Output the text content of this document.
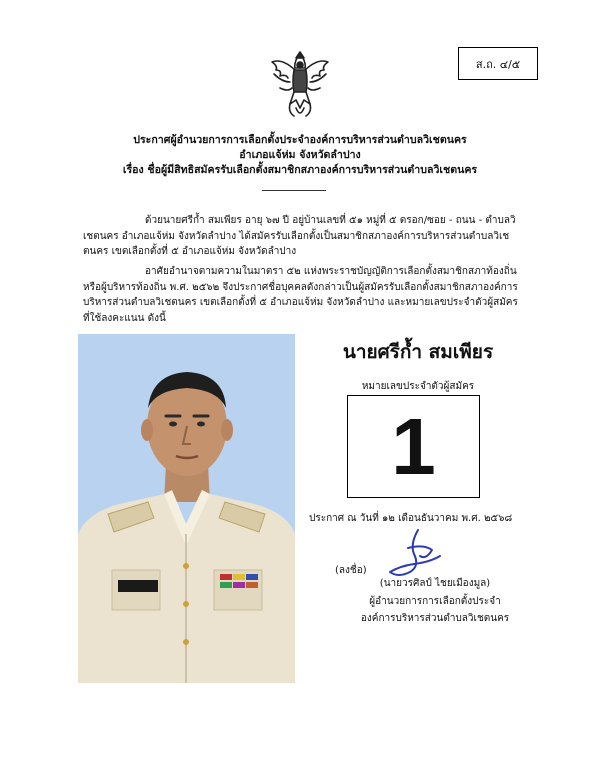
ส.ถ. ๔/๕
ประกาศผู้อำนวยการการเลือกตั้งประจำองค์การบริหารส่วนตำบลวิเชตนคร
อำเภอแจ้ห่ม จังหวัดลำปาง
เรื่อง ชื่อผู้มีสิทธิสมัครรับเลือกตั้งสมาชิกสภาองค์การบริหารส่วนตำบลวิเชตนคร
ด้วยนายศรีก้ำ สมเพียร อายุ ๖๗ ปี อยู่บ้านเลขที่ ๕๑ หมู่ที่ ๕ ตรอก/ซอย - ถนน - ตำบลวิเชตนคร อำเภอแจ้ห่ม จังหวัดลำปาง ได้สมัครรับเลือกตั้งเป็นสมาชิกสภาองค์การบริหารส่วนตำบลวิเชตนคร เขตเลือกตั้งที่ ๕ อำเภอแจ้ห่ม จังหวัดลำปาง
อาศัยอำนาจตามความในมาตรา ๕๒ แห่งพระราชบัญญัติการเลือกตั้งสมาชิกสภาท้องถิ่นหรือผู้บริหารท้องถิ่น พ.ศ. ๒๕๖๒ จึงประกาศชื่อบุคคลดังกล่าวเป็นผู้สมัครรับเลือกตั้งสมาชิกสภาองค์การบริหารส่วนตำบลวิเชตนคร เขตเลือกตั้งที่ ๕ อำเภอแจ้ห่ม จังหวัดลำปาง และหมายเลขประจำตัวผู้สมัครที่ใช้ลงคะแนน ดังนี้
นายศรีก้ำ สมเพียร
หมายเลขประจำตัวผู้สมัคร
1
ประกาศ ณ วันที่ ๑๒ เดือนธันวาคม พ.ศ. ๒๕๖๘
(ลงชื่อ)
(นายวรศิลป์ ไชยเมืองมูล)
ผู้อำนวยการการเลือกตั้งประจำ
องค์การบริหารส่วนตำบลวิเชตนคร
